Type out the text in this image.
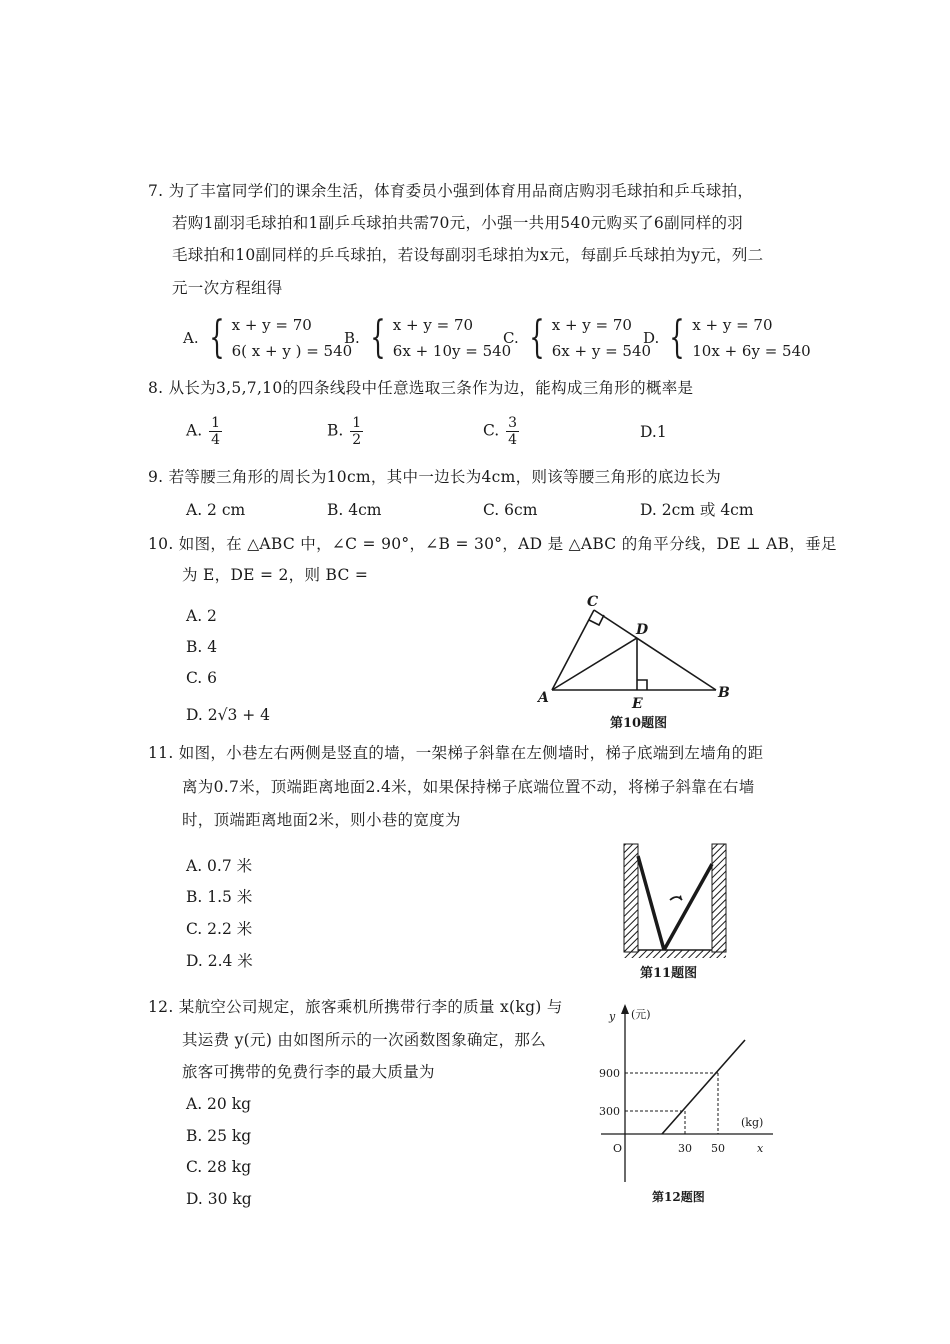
7. 为了丰富同学们的课余生活，体育委员小强到体育用品商店购羽毛球拍和乒乓球拍，
若购1副羽毛球拍和1副乒乓球拍共需70元，小强一共用540元购买了6副同样的羽
毛球拍和10副同样的乒乓球拍，若设每副羽毛球拍为x元，每副乒乓球拍为y元，列二
元一次方程组得
A. { x + y = 70
6( x + y ) = 540
B. { x + y = 70
6x + 10y = 540
C. { x + y = 70
6x + y = 540
D. { x + y = 70
10x + 6y = 540
8. 从长为3,5,7,10的四条线段中任意选取三条作为边，能构成三角形的概率是
A. $\frac{1}{4}$	B. $\frac{1}{2}$	C. $\frac{3}{4}$	D.1
9. 若等腰三角形的周长为10cm，其中一边长为4cm，则该等腰三角形的底边长为
A. 2 cm	B. 4cm	C. 6cm	D. 2cm 或 4cm
10. 如图，在 △ABC 中，∠C = 90°，∠B = 30°，AD 是 △ABC 的角平分线，DE ⊥ AB，垂足
为 E，DE = 2，则 BC =
A. 2
B. 4
C. 6
D. 2√3 + 4
C
D
A	E
B
第10题图
11. 如图，小巷左右两侧是竖直的墙，一架梯子斜靠在左侧墙时，梯子底端到左墙角的距
离为0.7米，顶端距离地面2.4米，如果保持梯子底端位置不动，将梯子斜靠在右墙
时，顶端距离地面2米，则小巷的宽度为
A. 0.7 米
B. 1.5 米
C. 2.2 米
D. 2.4 米
第11题图
12. 某航空公司规定，旅客乘机所携带行李的质量 x(kg) 与
其运费 y(元) 由如图所示的一次函数图象确定，那么
旅客可携带的免费行李的最大质量为
A. 20 kg
B. 25 kg
C. 28 kg
D. 30 kg
y (元)
900
300
(kg)
O	30 50	x
第12题图
